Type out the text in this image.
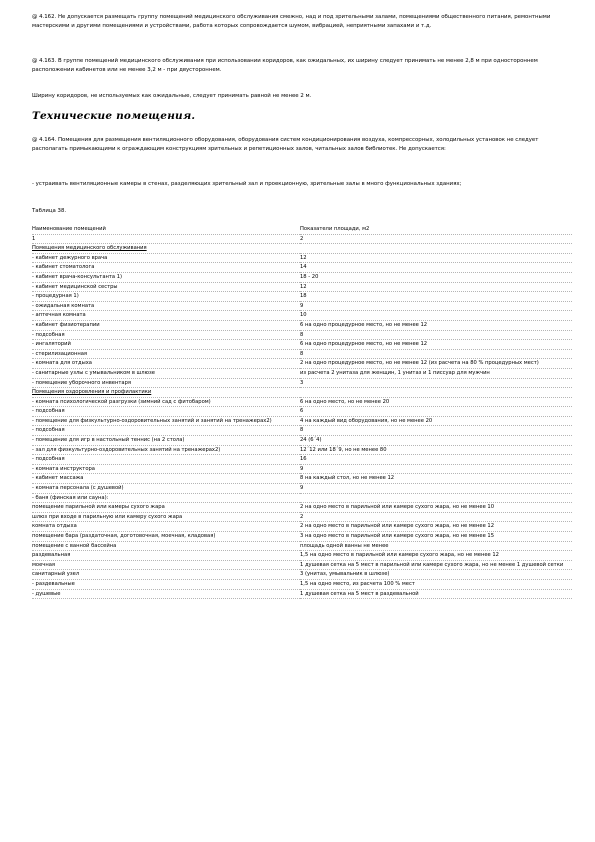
@ 4.162. Не допускается размещать группу помещений медицинского обслуживания смежно, над и под зрительными залами, помещениями общественного питания, ремонтными мастерскими и другими помещениями и устройствами, работа которых сопровождается шумом, вибрацией, неприятными запахами и т.д.

@ 4.163. В группе помещений медицинского обслуживания при использовании коридоров, как ожидальных, их ширину следует принимать не менее 2,8 м при одностороннем расположении кабинетов или не менее 3,2 м - при двустороннем.

Ширину коридоров, не используемых как ожидальные, следует принимать равной не менее 2 м.

Технические помещения.

@ 4.164. Помещения для размещения вентиляционного оборудования, оборудования систем кондиционирования воздуха, компрессорных, холодильных установок не следует располагать примыкающими к ограждающим конструкциям зрительных и репетиционных залов, читальных залов библиотек. Не допускается:

- устраивать вентиляционные камеры в стенах, разделяющих зрительный зал и проекционную, зрительные залы в много функциональных зданиях;

Таблица 38.

Наименование помещений	Показатели площади, м2
1	2
Помещения медицинского обслуживания	
- кабинет дежурного врача	12
- кабинет стоматолога	14
- кабинет врача-консультанта 1)	18 - 20
- кабинет медицинской сестры	12
- процедурная 1)	18
- ожидальная комната	9
- аптечная комната	10
- кабинет физиотерапии	6 на одно процедурное место, но не менее 12
- подсобная	8
- ингаляторий	6 на одно процедурное место, но не менее 12
- стерилизационная	8
- комната для отдыха	2 на одно процедурное место, но не менее 12 (из расчета на 80 % процедурных мест)
- санитарные узлы с умывальником в шлюзе	из расчета 2 унитаза для женщин, 1 унитаз и 1 писсуар для мужчин
- помещение уборочного инвентаря	3
Помещения оздоровления и профилактики	
- комната психологической разгрузки (зимний сад с фитобаром)	6 на одно место, но не менее 20
- подсобная	6
- помещение для физкультурно-оздоровительных занятий и занятий на тренажерах2)	4 на каждый вид оборудования, но не менее 20
- подсобная	8
- помещение для игр в настольный теннис (на 2 стола)	24 (6´4)
- зал для физкультурно-оздоровительных занятий на тренажерах2)	12´12 или 18´9, но не менее 80
- подсобная	16
- комната инструктора	9
- кабинет массажа	8 на каждый стол, но не менее 12
- комната персонала (с душевой)	9
- баня (финская или сауна):	
помещение парильной или камеры сухого жара	2 на одно место в парильной или камере сухого жара, но не менее 10
шлюз при входе в парильную или камеру сухого жара	2
комната отдыха	2 на одно место в парильной или камере сухого жара, но не менее 12
помещение бара (раздаточная, доготовочная, моечная, кладовая)	3 на одно место в парильной или камере сухого жара, но не менее 15
помещение с ванной бассейна	площадь одной ванны не менее
раздевальная	1,5 на одно место в парильной или камере сухого жара, но не менее 12
моечная	1 душевая сетка на 5 мест в парильной или камере сухого жара, но не менее 1 душевой сетки
санитарный узел	3 (унитаз, умывальник в шлюзе)
- раздевальные	1,5 на одно место, из расчета 100 % мест
- душевые	1 душевая сетка на 5 мест в раздевальной
